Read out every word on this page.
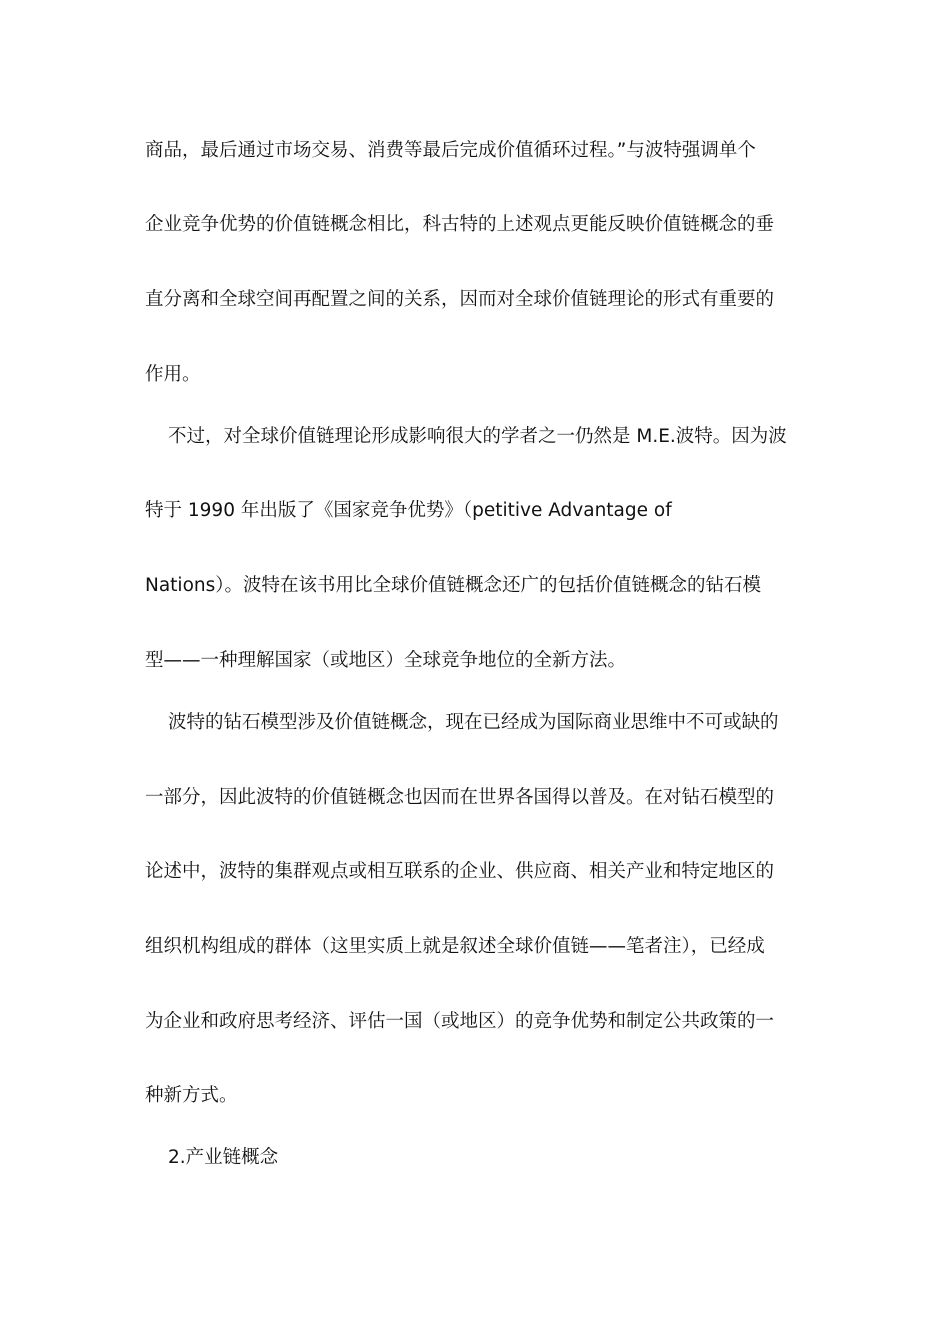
商品，最后通过市场交易、消费等最后完成价值循环过程。”与波特强调单个
企业竞争优势的价值链概念相比，科古特的上述观点更能反映价值链概念的垂
直分离和全球空间再配置之间的关系，因而对全球价值链理论的形式有重要的
作用。
不过，对全球价值链理论形成影响很大的学者之一仍然是 M.E.波特。因为波
特于 1990 年出版了《国家竞争优势》（petitive Advantage of
Nations）。波特在该书用比全球价值链概念还广的包括价值链概念的钻石模
型——一种理解国家（或地区）全球竞争地位的全新方法。
波特的钻石模型涉及价值链概念，现在已经成为国际商业思维中不可或缺的
一部分，因此波特的价值链概念也因而在世界各国得以普及。在对钻石模型的
论述中，波特的集群观点或相互联系的企业、供应商、相关产业和特定地区的
组织机构组成的群体（这里实质上就是叙述全球价值链——笔者注），已经成
为企业和政府思考经济、评估一国（或地区）的竞争优势和制定公共政策的一
种新方式。
2.产业链概念
